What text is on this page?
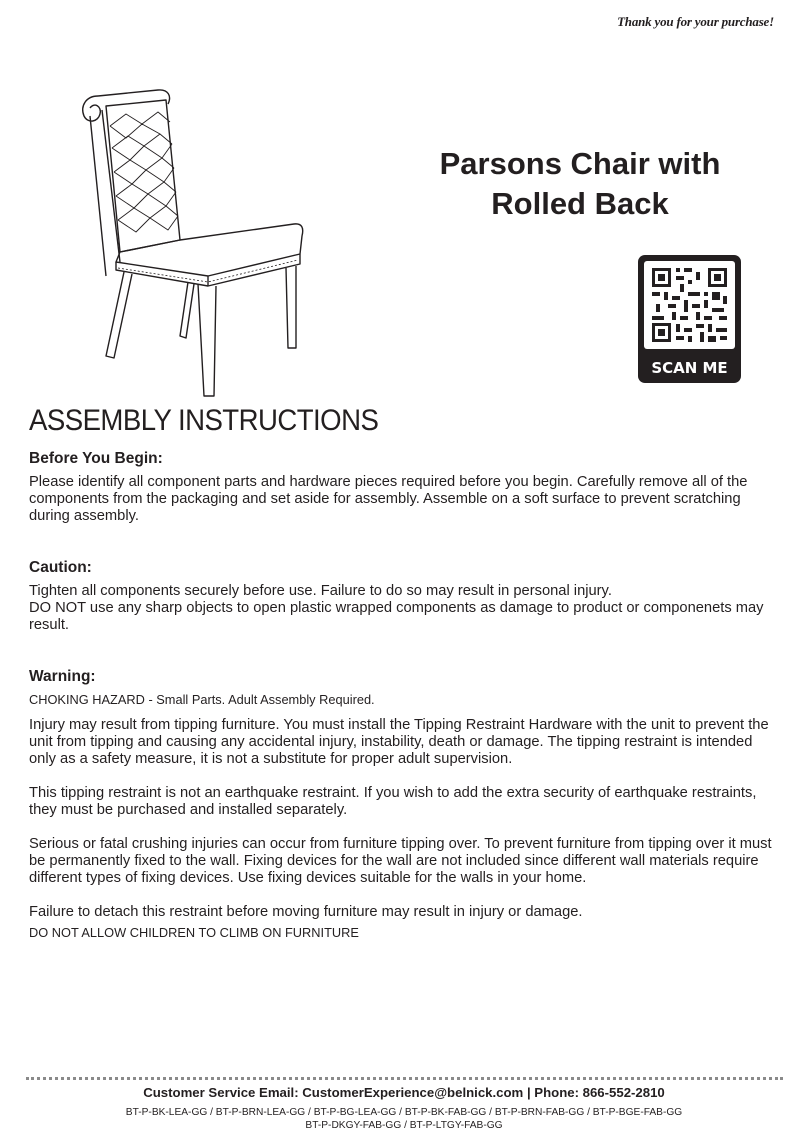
Thank you for your purchase!
Parsons Chair with
Rolled Back
SCAN ME
ASSEMBLY INSTRUCTIONS
Before You Begin:

Please identify all component parts and hardware pieces required before you begin. Carefully remove all of the components from the packaging and set aside for assembly. Assemble on a soft surface to prevent scratching during assembly.

Caution:

Tighten all components securely before use. Failure to do so may result in personal injury.

DO NOT use any sharp objects to open plastic wrapped components as damage to product or componenets may result.

Warning:

CHOKING HAZARD - Small Parts. Adult Assembly Required.

Injury may result from tipping furniture. You must install the Tipping Restraint Hardware with the unit to prevent the unit from tipping and causing any accidental injury, instability, death or damage. The tipping restraint is intended only as a safety measure, it is not a substitute for proper adult supervision.

This tipping restraint is not an earthquake restraint. If you wish to add the extra security of earthquake restraints, they must be purchased and installed separately.

Serious or fatal crushing injuries can occur from furniture tipping over. To prevent furniture from tipping over it must be permanently fixed to the wall. Fixing devices for the wall are not included since different wall materials require different types of fixing devices. Use fixing devices suitable for the walls in your home.

Failure to detach this restraint before moving furniture may result in injury or damage.

DO NOT ALLOW CHILDREN TO CLIMB ON FURNITURE

Customer Service Email: CustomerExperience@belnick.com | Phone: 866-552-2810
BT-P-BK-LEA-GG / BT-P-BRN-LEA-GG / BT-P-BG-LEA-GG / BT-P-BK-FAB-GG / BT-P-BRN-FAB-GG / BT-P-BGE-FAB-GG
BT-P-DKGY-FAB-GG / BT-P-LTGY-FAB-GG
